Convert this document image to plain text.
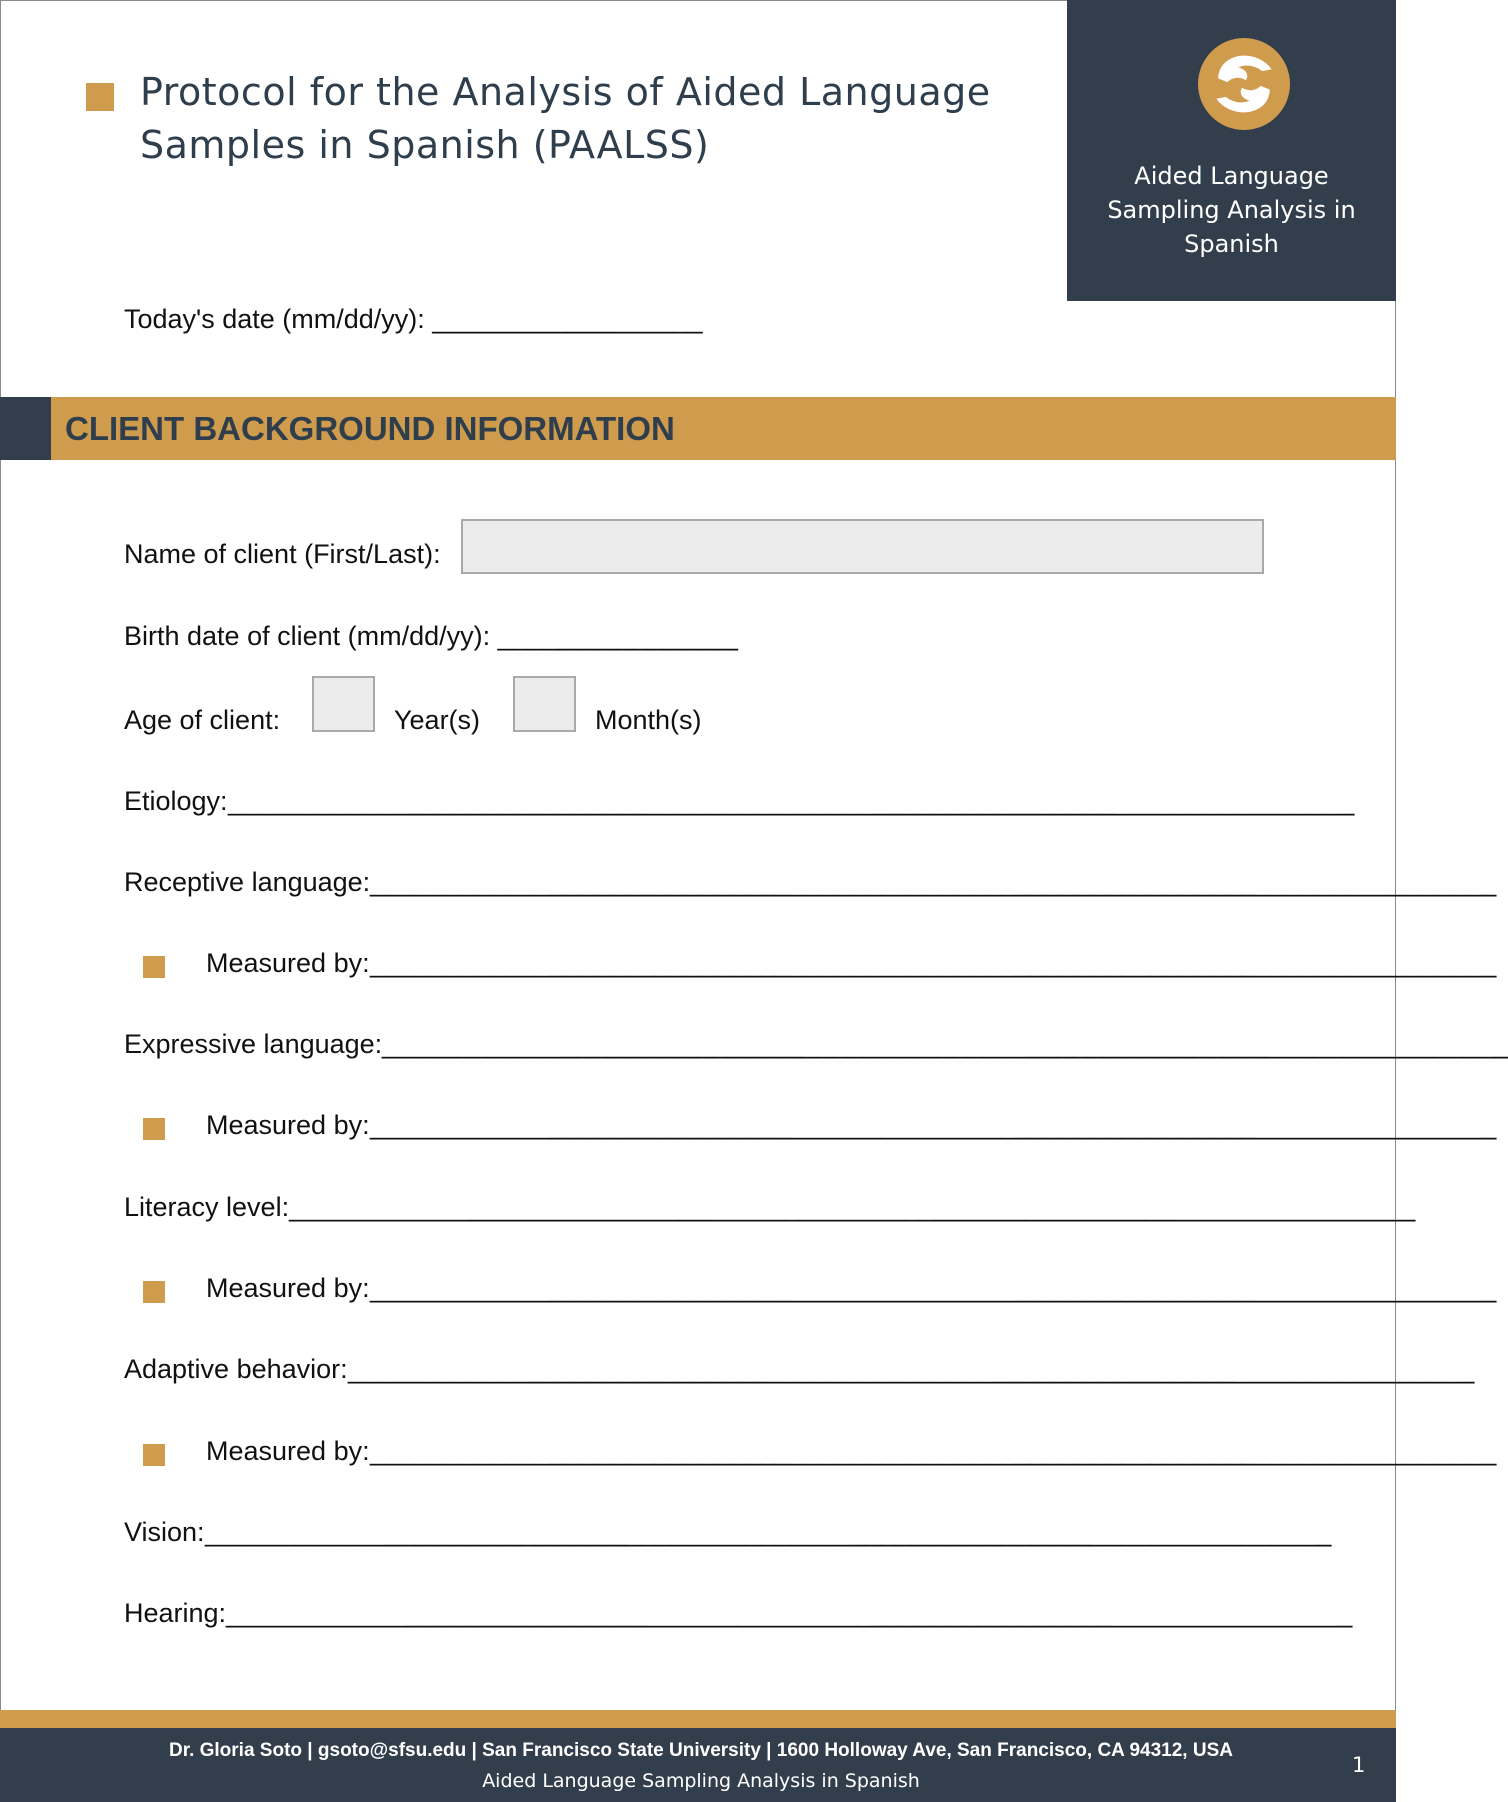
Protocol for the Analysis of Aided Language Samples in Spanish (PAALSS)
Aided Language
Sampling Analysis in
Spanish
Today's date (mm/dd/yy): __________________
CLIENT BACKGROUND INFORMATION
Name of client (First/Last):
Birth date of client (mm/dd/yy): ________________
Age of client:	Year(s)	Month(s)
Etiology: ___________________________________________________________________________
Receptive language: ___________________________________________________________________________
Measured by: ___________________________________________________________________________
Expressive language: ___________________________________________________________________________
Measured by: ___________________________________________________________________________
Literacy level: ___________________________________________________________________________
Measured by: ___________________________________________________________________________
Adaptive behavior: ___________________________________________________________________________
Measured by: ___________________________________________________________________________
Vision: ___________________________________________________________________________
Hearing: ___________________________________________________________________________
Dr. Gloria Soto | gsoto@sfsu.edu | San Francisco State University | 1600 Holloway Ave, San Francisco, CA 94312, USA
Aided Language Sampling Analysis in Spanish
1
